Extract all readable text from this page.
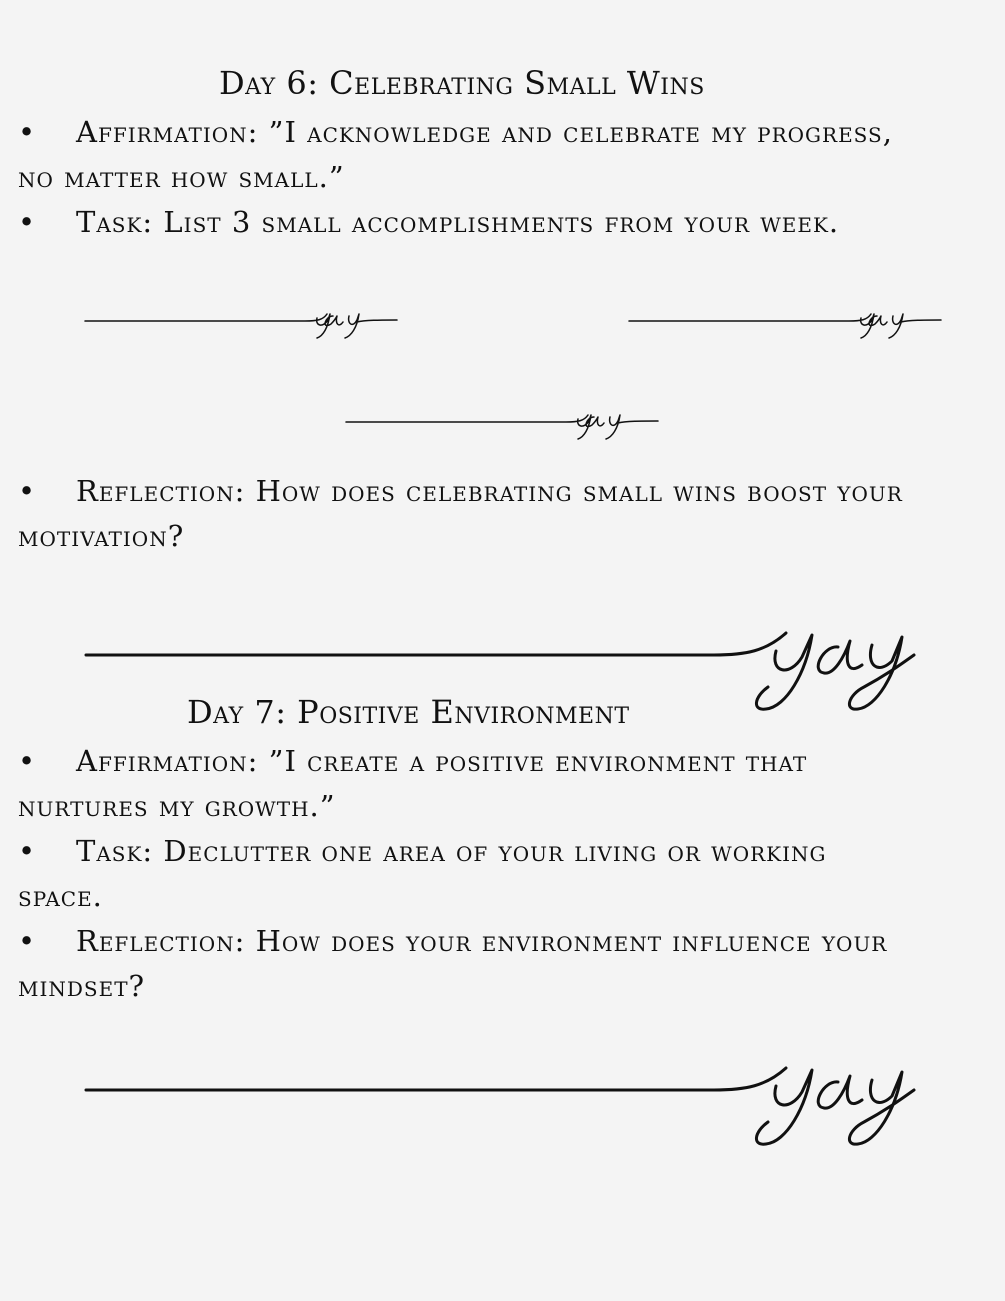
Day 6: Celebrating Small Wins
• Affirmation: ”I acknowledge and celebrate my progress,
no matter how small.”
• Task: List 3 small accomplishments from your week.
• Reflection: How does celebrating small wins boost your
motivation?
Day 7: Positive Environment
• Affirmation: ”I create a positive environment that
nurtures my growth.”
• Task: Declutter one area of your living or working
space.
• Reflection: How does your environment influence your
mindset?
